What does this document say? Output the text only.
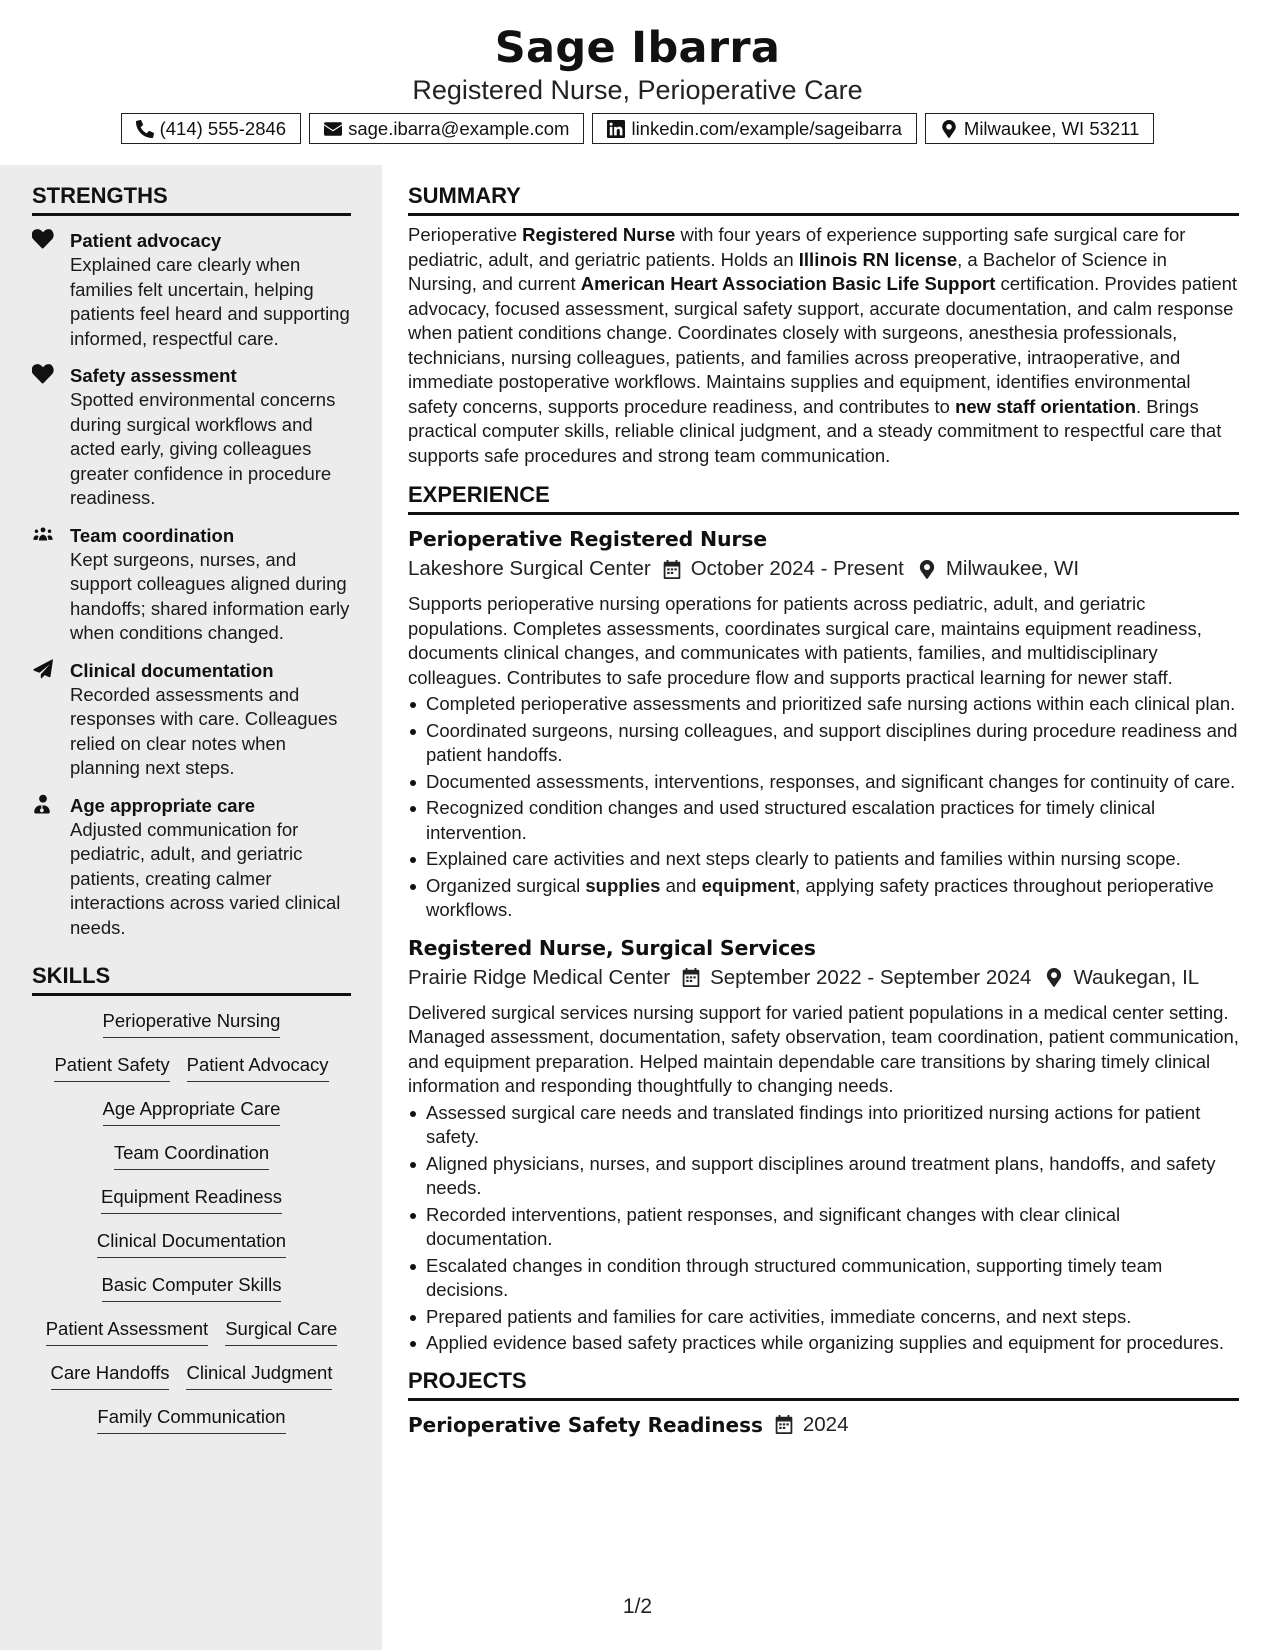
Sage Ibarra
Registered Nurse, Perioperative Care
(414) 555-2846	sage.ibarra@example.com	linkedin.com/example/sageibarra	Milwaukee, WI 53211
STRENGTHS
Patient advocacy
Explained care clearly when families felt uncertain, helping patients feel heard and supporting informed, respectful care.
Safety assessment
Spotted environmental concerns during surgical workflows and acted early, giving colleagues greater confidence in procedure readiness.
Team coordination
Kept surgeons, nurses, and support colleagues aligned during handoffs; shared information early when conditions changed.
Clinical documentation
Recorded assessments and responses with care. Colleagues relied on clear notes when planning next steps.
Age appropriate care
Adjusted communication for pediatric, adult, and geriatric patients, creating calmer interactions across varied clinical needs.
SKILLS
Perioperative Nursing
Patient Safety Patient Advocacy
Age Appropriate Care
Team Coordination
Equipment Readiness
Clinical Documentation
Basic Computer Skills
Patient Assessment Surgical Care
Care Handoffs Clinical Judgment
Family Communication
SUMMARY

Perioperative Registered Nurse with four years of experience supporting safe surgical care for pediatric, adult, and geriatric patients. Holds an Illinois RN license, a Bachelor of Science in Nursing, and current American Heart Association Basic Life Support certification. Provides patient advocacy, focused assessment, surgical safety support, accurate documentation, and calm response when patient conditions change. Coordinates closely with surgeons, anesthesia professionals, technicians, nursing colleagues, patients, and families across preoperative, intraoperative, and immediate postoperative workflows. Maintains supplies and equipment, identifies environmental safety concerns, supports procedure readiness, and contributes to new staff orientation. Brings practical computer skills, reliable clinical judgment, and a steady commitment to respectful care that supports safe procedures and strong team communication.

EXPERIENCE
Perioperative Registered Nurse
Lakeshore Surgical Center October 2024 - Present Milwaukee, WI
Supports perioperative nursing operations for patients across pediatric, adult, and geriatric populations. Completes assessments, coordinates surgical care, maintains equipment readiness, documents clinical changes, and communicates with patients, families, and multidisciplinary colleagues. Contributes to safe procedure flow and supports practical learning for newer staff.
Completed perioperative assessments and prioritized safe nursing actions within each clinical plan.
Coordinated surgeons, nursing colleagues, and support disciplines during procedure readiness and patient handoffs.
Documented assessments, interventions, responses, and significant changes for continuity of care.
Recognized condition changes and used structured escalation practices for timely clinical intervention.
Explained care activities and next steps clearly to patients and families within nursing scope.
Organized surgical supplies and equipment, applying safety practices throughout perioperative workflows.
Registered Nurse, Surgical Services
Prairie Ridge Medical Center September 2022 - September 2024 Waukegan, IL
Delivered surgical services nursing support for varied patient populations in a medical center setting. Managed assessment, documentation, safety observation, team coordination, patient communication, and equipment preparation. Helped maintain dependable care transitions by sharing timely clinical information and responding thoughtfully to changing needs.
Assessed surgical care needs and translated findings into prioritized nursing actions for patient safety.
Aligned physicians, nurses, and support disciplines around treatment plans, handoffs, and safety needs.
Recorded interventions, patient responses, and significant changes with clear clinical documentation.
Escalated changes in condition through structured communication, supporting timely team decisions.
Prepared patients and families for care activities, immediate concerns, and next steps.
Applied evidence based safety practices while organizing supplies and equipment for procedures.
PROJECTS
Perioperative Safety Readiness 2024
1/2
